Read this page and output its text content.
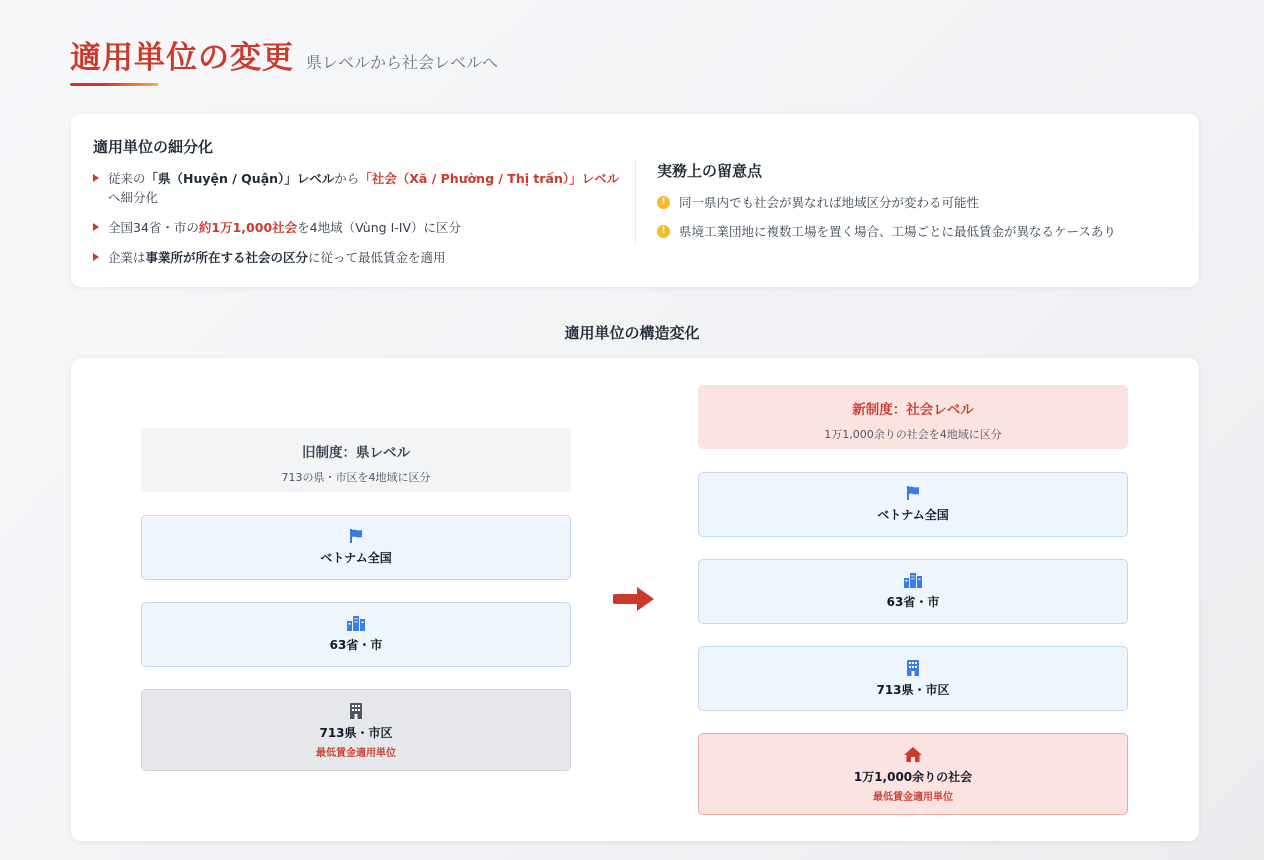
適用単位の変更 県レベルから社会レベルへ
適用単位の細分化
従来の「県（Huyện / Quận）」レベルから「社会（Xã / Phường / Thị trấn）」レベルへ細分化
全国34省・市の約1万1,000社会を4地域（Vùng I-IV）に区分
企業は事業所が所在する社会の区分に従って最低賃金を適用
実務上の留意点
!	同一県内でも社会が異なれば地域区分が変わる可能性
!	県境工業団地に複数工場を置く場合、工場ごとに最低賃金が異なるケースあり
適用単位の構造変化
旧制度：県レベル
713の県・市区を4地域に区分
ベトナム全国
63省・市
713県・市区
最低賃金適用単位
新制度：社会レベル
1万1,000余りの社会を4地域に区分
ベトナム全国
63省・市
713県・市区
1万1,000余りの社会
最低賃金適用単位
